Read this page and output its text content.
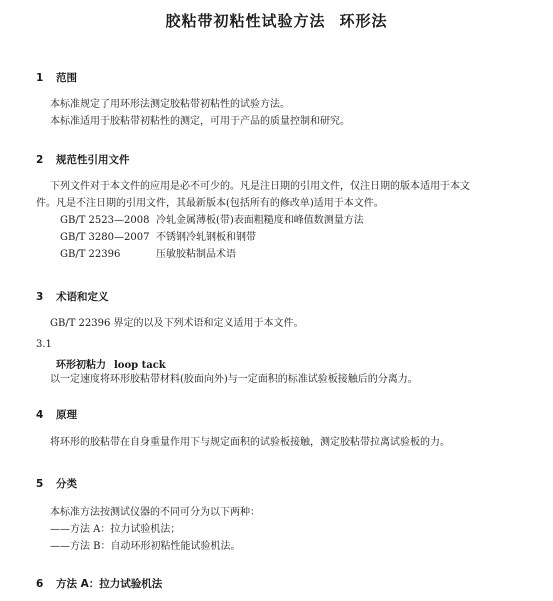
胶粘带初粘性试验方法 环形法
1 范围
本标准规定了用环形法测定胶粘带初粘性的试验方法。
本标准适用于胶粘带初粘性的测定，可用于产品的质量控制和研究。
2 规范性引用文件
下列文件对于本文件的应用是必不可少的。凡是注日期的引用文件，仅注日期的版本适用于本文
件。凡是不注日期的引用文件，其最新版本(包括所有的修改单)适用于本文件。
GB/T 2523—2008 冷轧金属薄板(带)表面粗糙度和峰值数测量方法
GB/T 3280—2007 不锈钢冷轧钢板和钢带
GB/T 22396	压敏胶粘制品术语
3 术语和定义
GB/T 22396 界定的以及下列术语和定义适用于本文件。
3.1
环形初粘力 loop tack
以一定速度将环形胶粘带材料(胶面向外)与一定面积的标准试验板接触后的分离力。
4 原理
将环形的胶粘带在自身重量作用下与规定面积的试验板接触，测定胶粘带拉离试验板的力。
5 分类
本标准方法按测试仪器的不同可分为以下两种：
——方法 A：拉力试验机法；
——方法 B：自动环形初粘性能试验机法。
6 方法 A：拉力试验机法
